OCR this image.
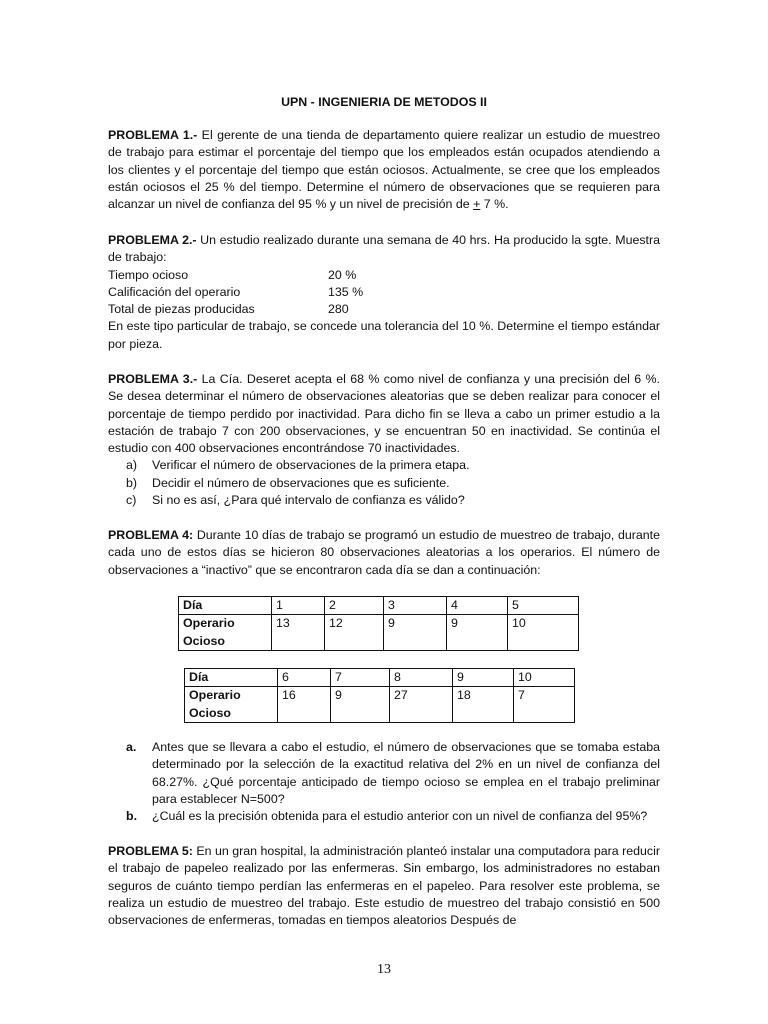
UPN - INGENIERIA DE METODOS II
PROBLEMA 1.- El gerente de una tienda de departamento quiere realizar un estudio de muestreo de trabajo para estimar el porcentaje del tiempo que los empleados están ocupados atendiendo a los clientes y el porcentaje del tiempo que están ociosos. Actualmente, se cree que los empleados están ociosos el 25 % del tiempo. Determine el número de observaciones que se requieren para alcanzar un nivel de confianza del 95 % y un nivel de precisión de + 7 %.
PROBLEMA 2.- Un estudio realizado durante una semana de 40 hrs. Ha producido la sgte. Muestra de trabajo:
Tiempo ocioso	20 %
Calificación del operario	135 %
Total de piezas producidas	280
En este tipo particular de trabajo, se concede una tolerancia del 10 %. Determine el tiempo estándar por pieza.
PROBLEMA 3.- La Cía. Deseret acepta el 68 % como nivel de confianza y una precisión del 6 %. Se desea determinar el número de observaciones aleatorias que se deben realizar para conocer el porcentaje de tiempo perdido por inactividad. Para dicho fin se lleva a cabo un primer estudio a la estación de trabajo 7 con 200 observaciones, y se encuentran 50 en inactividad. Se continúa el estudio con 400 observaciones encontrándose 70 inactividades.
a) Verificar el número de observaciones de la primera etapa.
b) Decidir el número de observaciones que es suficiente.
c) Si no es así, ¿Para qué intervalo de confianza es válido?
PROBLEMA 4: Durante 10 días de trabajo se programó un estudio de muestreo de trabajo, durante cada uno de estos días se hicieron 80 observaciones aleatorias a los operarios. El número de observaciones a “inactivo” que se encontraron cada día se dan a continuación:
Día	1	2	3	4	5

Operario
Ocioso	13	12	9	9	10
Día	6	7	8	9	10

Operario
Ocioso	16	9	27	18	7
a. Antes que se llevara a cabo el estudio, el número de observaciones que se tomaba estaba determinado por la selección de la exactitud relativa del 2% en un nivel de confianza del 68.27%. ¿Qué porcentaje anticipado de tiempo ocioso se emplea en el trabajo preliminar para establecer N=500?
b. ¿Cuál es la precisión obtenida para el estudio anterior con un nivel de confianza del 95%?
PROBLEMA 5: En un gran hospital, la administración planteó instalar una computadora para reducir el trabajo de papeleo realizado por las enfermeras. Sin embargo, los administradores no estaban seguros de cuánto tiempo perdían las enfermeras en el papeleo. Para resolver este problema, se realiza un estudio de muestreo del trabajo. Este estudio de muestreo del trabajo consistió en 500 observaciones de enfermeras, tomadas en tiempos aleatorios Después de
13
